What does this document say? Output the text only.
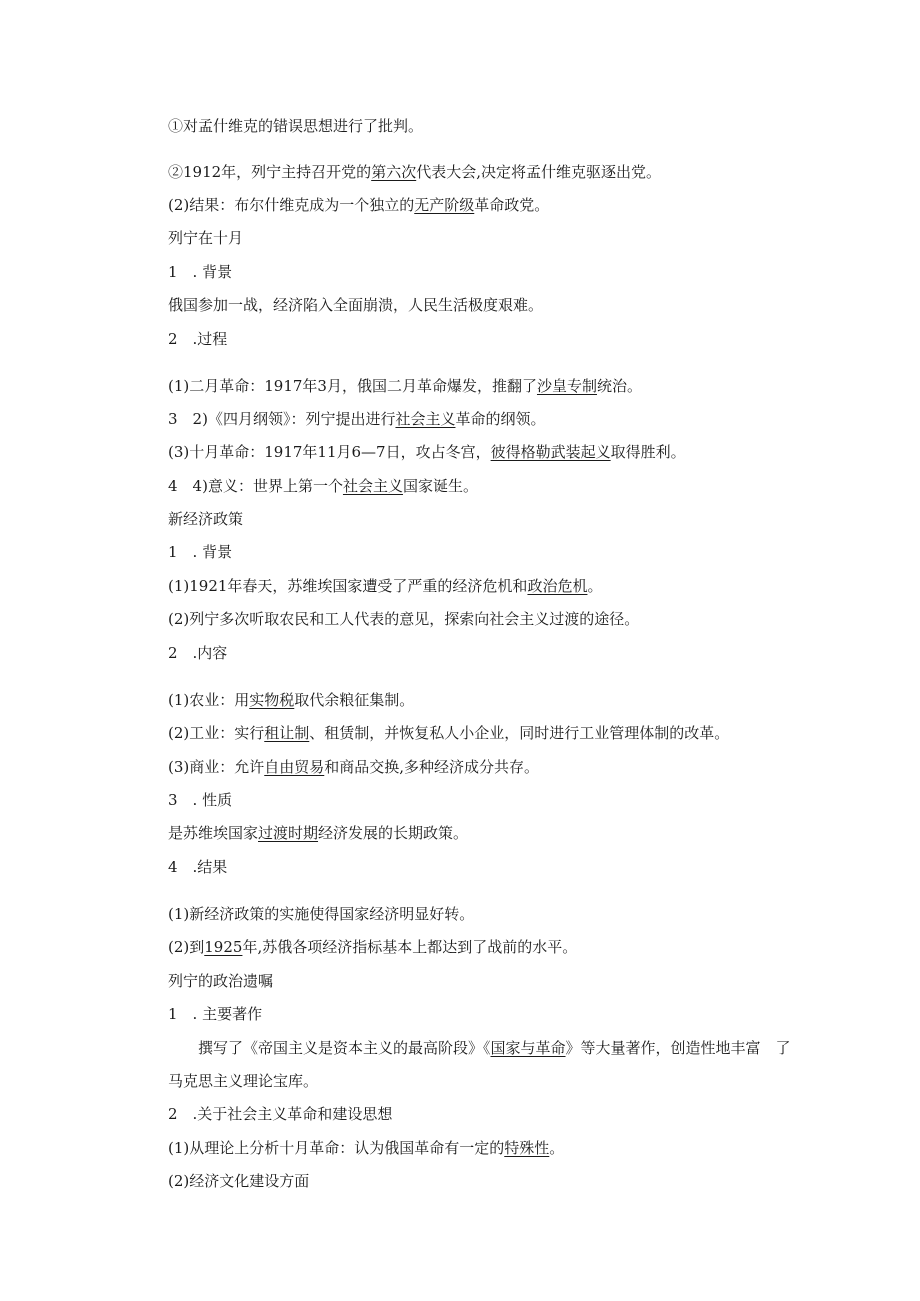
①对孟什维克的错误思想进行了批判。
②1912年，列宁主持召开党的第六次代表大会,决定将孟什维克驱逐出党。
(2)结果：布尔什维克成为一个独立的无产阶级革命政党。
列宁在十月
1　. 背景
俄国参加一战，经济陷入全面崩溃，人民生活极度艰难。
2　.过程
(1)二月革命：1917年3月，俄国二月革命爆发，推翻了沙皇专制统治。
3　2)《四月纲领》：列宁提出进行社会主义革命的纲领。
(3)十月革命：1917年11月6—7日，攻占冬宫，彼得格勒武装起义取得胜利。
4　4)意义：世界上第一个社会主义国家诞生。
新经济政策
1　. 背景
(1)1921年春天，苏维埃国家遭受了严重的经济危机和政治危机。
(2)列宁多次听取农民和工人代表的意见，探索向社会主义过渡的途径。
2　.内容
(1)农业：用实物税取代余粮征集制。
(2)工业：实行租让制、租赁制，并恢复私人小企业，同时进行工业管理体制的改革。
(3)商业：允许自由贸易和商品交换,多种经济成分共存。
3　. 性质
是苏维埃国家过渡时期经济发展的长期政策。
4　.结果
(1)新经济政策的实施使得国家经济明显好转。
(2)到1925年,苏俄各项经济指标基本上都达到了战前的水平。
列宁的政治遗嘱
1　. 主要著作
撰写了《帝国主义是资本主义的最高阶段》《国家与革命》等大量著作，创造性地丰富　了
马克思主义理论宝库。
2　.关于社会主义革命和建设思想
(1)从理论上分析十月革命：认为俄国革命有一定的特殊性。
(2)经济文化建设方面
